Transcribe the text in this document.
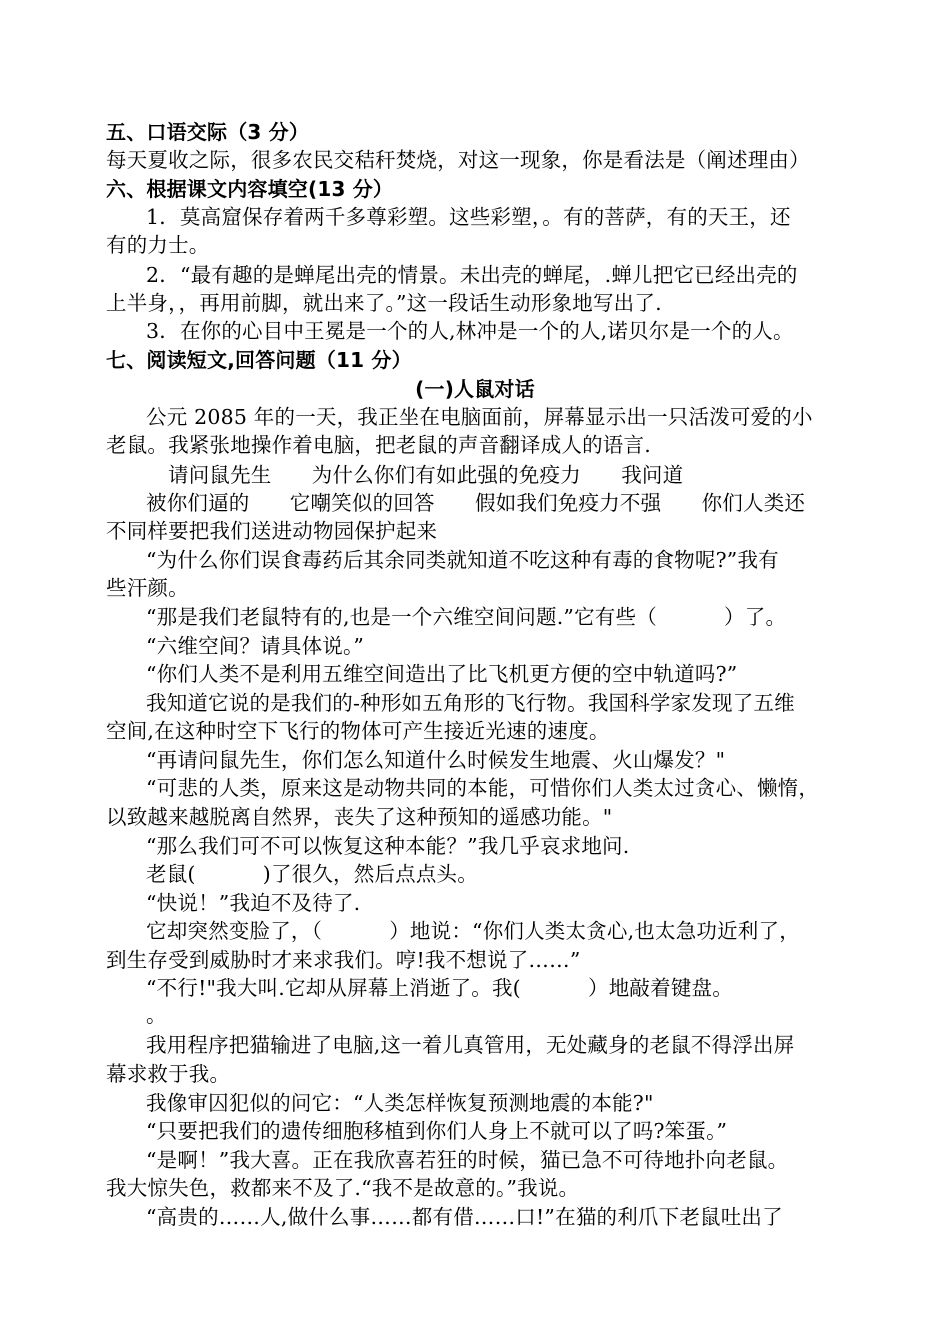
五、口语交际（3 分）
每天夏收之际，很多农民交秸秆焚烧，对这一现象，你是看法是（阐述理由）
六、根据课文内容填空(13 分）
1．莫高窟保存着两千多尊彩塑。这些彩塑，。有的菩萨，有的天王，还
有的力士。
2．“最有趣的是蝉尾出壳的情景。未出壳的蝉尾，.蝉儿把它已经出壳的
上半身，，再用前脚，就出来了。”这一段话生动形象地写出了.
3．在你的心目中王冕是一个的人,林冲是一个的人,诺贝尔是一个的人。
七、阅读短文,回答问题（11 分）
(一)人鼠对话
公元 2085 年的一天，我正坐在电脑面前，屏幕显示出一只活泼可爱的小
老鼠。我紧张地操作着电脑，把老鼠的声音翻译成人的语言.
请问鼠先生      为什么你们有如此强的免疫力      我问道
被你们逼的      它嘲笑似的回答      假如我们免疫力不强      你们人类还
不同样要把我们送进动物园保护起来
“为什么你们误食毒药后其余同类就知道不吃这种有毒的食物呢?”我有
些汗颜。
“那是我们老鼠特有的,也是一个六维空间问题.”它有些（          ）了。
“六维空间？请具体说。”
“你们人类不是利用五维空间造出了比飞机更方便的空中轨道吗?”
我知道它说的是我们的-种形如五角形的飞行物。我国科学家发现了五维
空间,在这种时空下飞行的物体可产生接近光速的速度。
“再请问鼠先生，你们怎么知道什么时候发生地震、火山爆发？"
“可悲的人类，原来这是动物共同的本能，可惜你们人类太过贪心、懒惰，
以致越来越脱离自然界，丧失了这种预知的遥感功能。"
“那么我们可不可以恢复这种本能？”我几乎哀求地问.
老鼠(          )了很久，然后点点头。
“快说！”我迫不及待了.
它却突然变脸了，（          ）地说：“你们人类太贪心,也太急功近利了，
到生存受到威胁时才来求我们。哼!我不想说了……”
“不行!"我大叫.它却从屏幕上消逝了。我(          ）地敲着键盘。
。
我用程序把猫输进了电脑,这一着儿真管用，无处藏身的老鼠不得浮出屏
幕求救于我。
我像审囚犯似的问它：“人类怎样恢复预测地震的本能?"
“只要把我们的遗传细胞移植到你们人身上不就可以了吗?笨蛋。”
“是啊！”我大喜。正在我欣喜若狂的时候，猫已急不可待地扑向老鼠。
我大惊失色，救都来不及了.“我不是故意的。”我说。
“高贵的……人,做什么事……都有借……口!”在猫的利爪下老鼠吐出了
